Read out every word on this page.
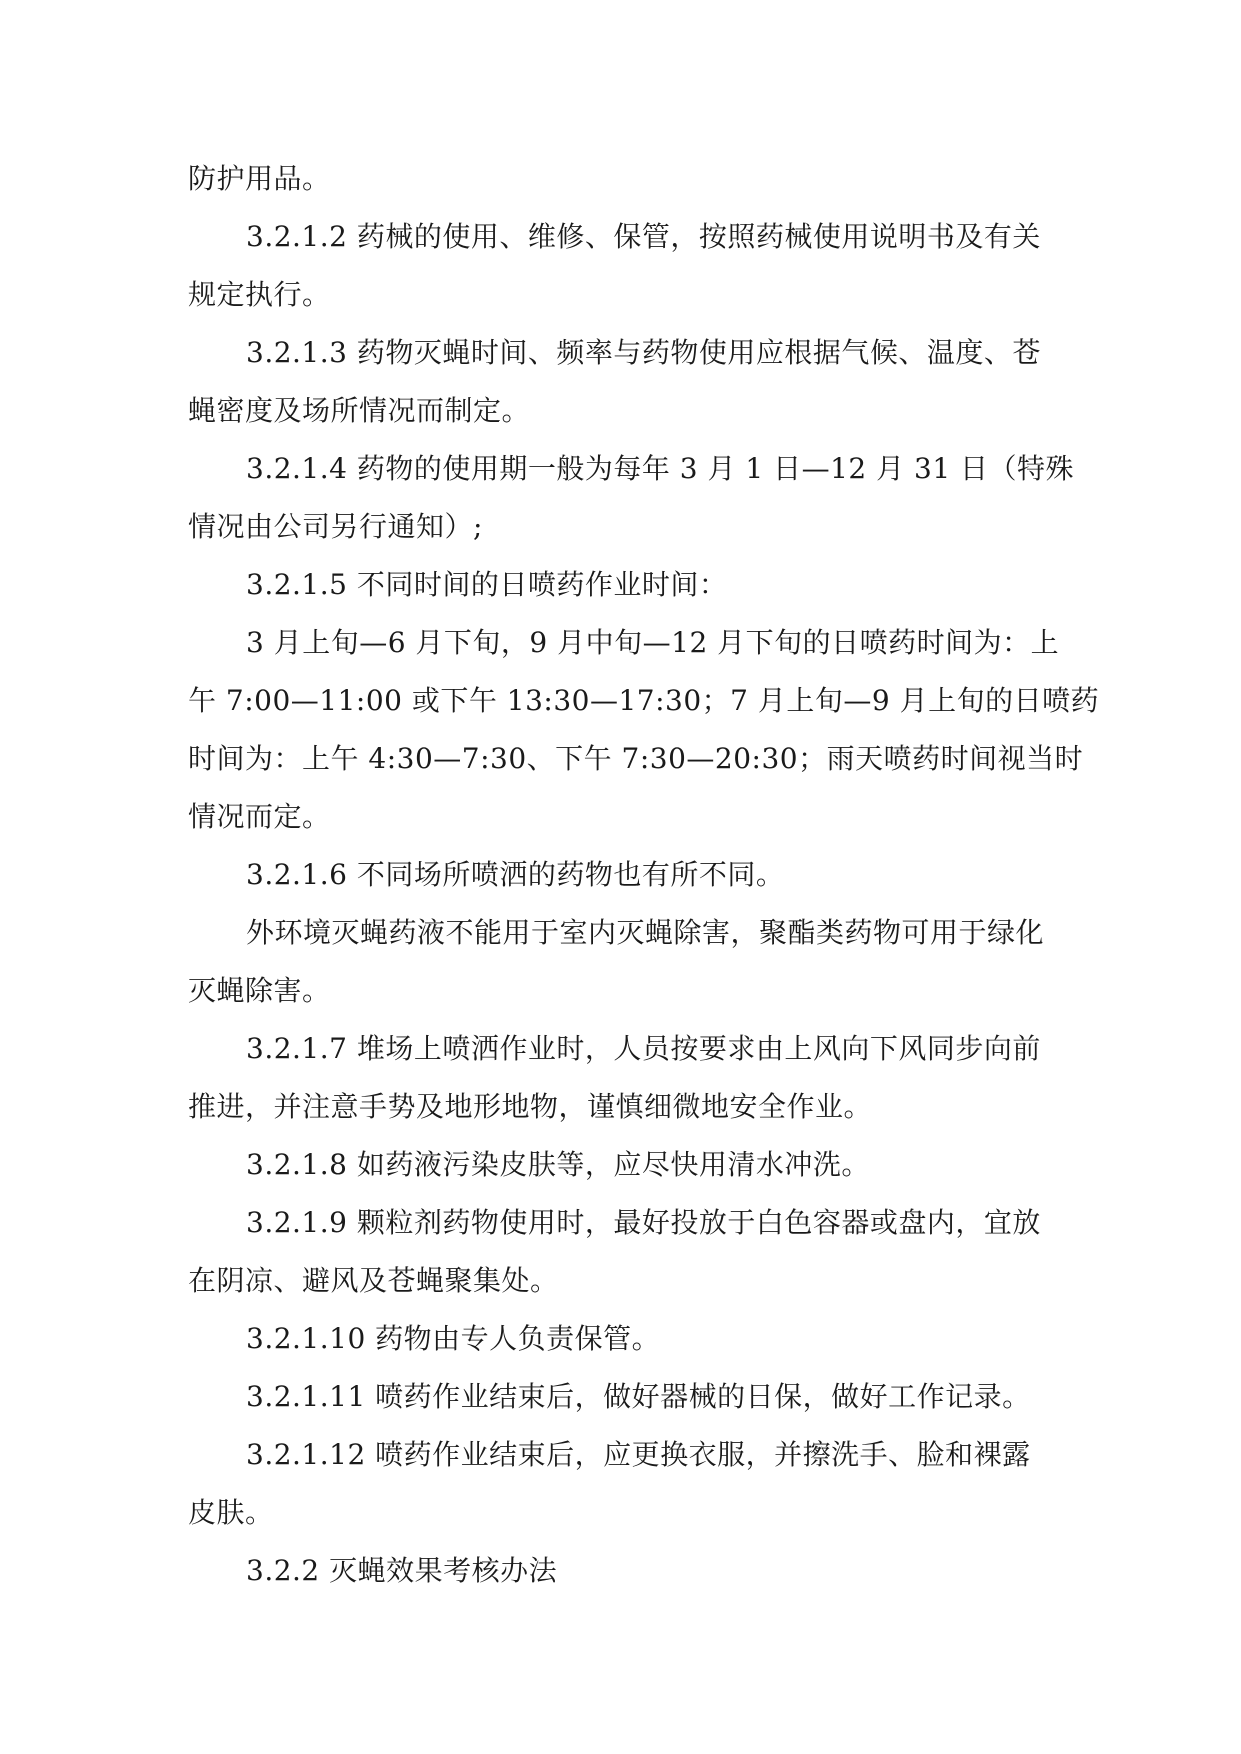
防护用品。
3.2.1.2 药械的使用、维修、保管，按照药械使用说明书及有关
规定执行。
3.2.1.3 药物灭蝇时间、频率与药物使用应根据气候、温度、苍
蝇密度及场所情况而制定。
3.2.1.4 药物的使用期一般为每年 3 月 1 日—12 月 31 日（特殊
情况由公司另行通知）;
3.2.1.5 不同时间的日喷药作业时间：
3 月上旬—6 月下旬，9 月中旬—12 月下旬的日喷药时间为：上
午 7:00—11:00 或下午 13:30—17:30；7 月上旬—9 月上旬的日喷药
时间为：上午 4:30—7:30、下午 7:30—20:30；雨天喷药时间视当时
情况而定。
3.2.1.6 不同场所喷洒的药物也有所不同。
外环境灭蝇药液不能用于室内灭蝇除害，聚酯类药物可用于绿化
灭蝇除害。
3.2.1.7 堆场上喷洒作业时，人员按要求由上风向下风同步向前
推进，并注意手势及地形地物，谨慎细微地安全作业。
3.2.1.8 如药液污染皮肤等，应尽快用清水冲洗。
3.2.1.9 颗粒剂药物使用时，最好投放于白色容器或盘内，宜放
在阴凉、避风及苍蝇聚集处。
3.2.1.10 药物由专人负责保管。
3.2.1.11 喷药作业结束后，做好器械的日保，做好工作记录。
3.2.1.12 喷药作业结束后，应更换衣服，并擦洗手、脸和裸露
皮肤。
3.2.2 灭蝇效果考核办法
